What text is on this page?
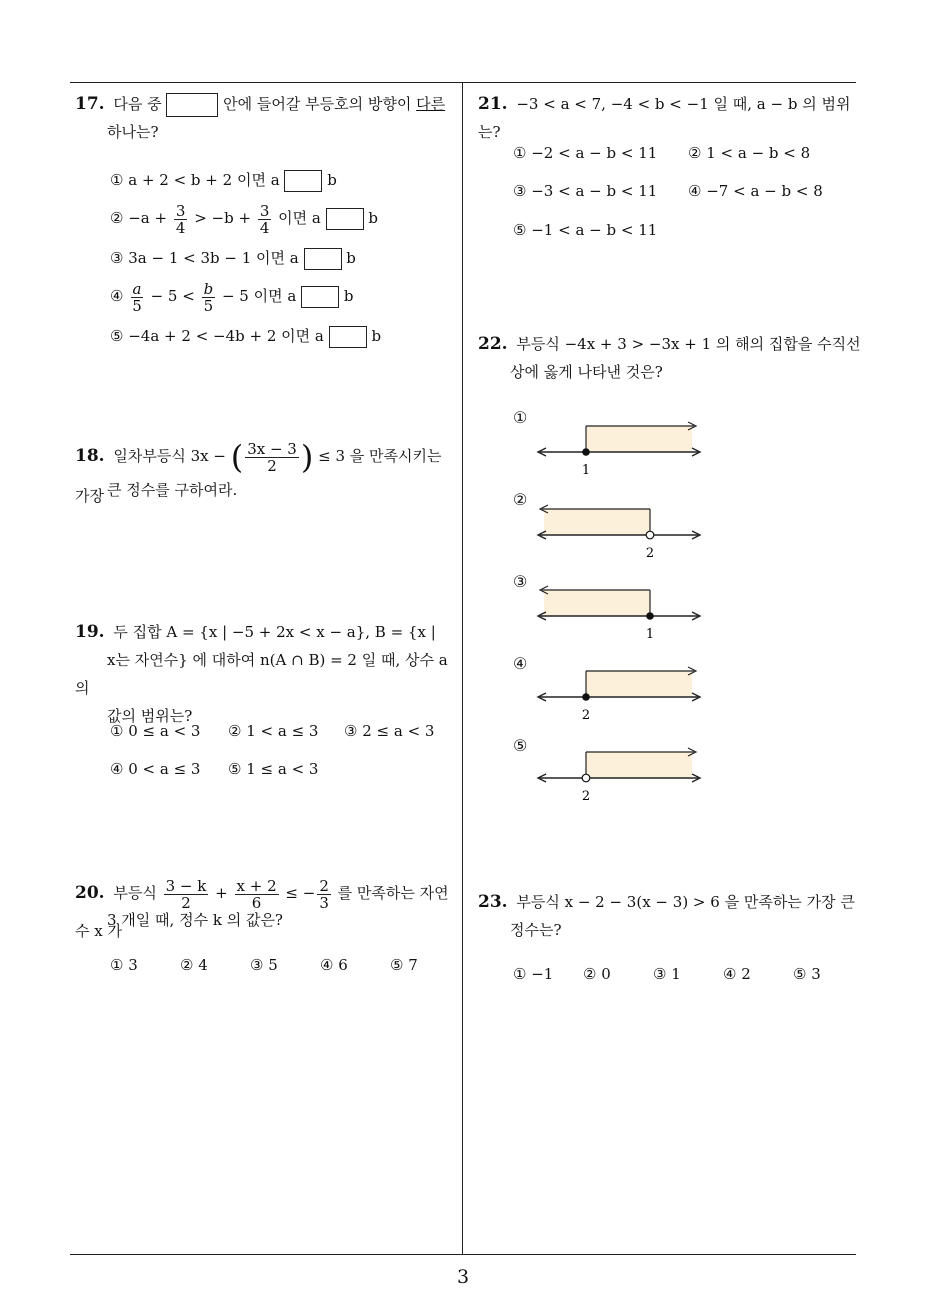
17. 다음 중	안에 들어갈 부등호의 방향이 다른
하나는?
① a + 2 < b + 2 이면 a	b
② $-a + \frac{3}{4} > -b + \frac{3}{4}$ 이면 a	b
③ 3a − 1 < 3b − 1 이면 a	b
④ $\frac{a}{5} - 5 < \frac{b}{5} - 5$ 이면 a	b
⑤ −4a + 2 < −4b + 2 이면 a	b
18. 일차부등식 3x − ( $\frac{3x - 3}{2}$ ) ≤ 3 을 만족시키는 가장 큰 정수를 구하여라.
19. 두 집합 A = {x | −5 + 2x < x − a}, B = {x |
x는 자연수} 에 대하여 n(A ∩ B) = 2 일 때, 상수 a 의
값의 범위는?
① 0 ≤ a < 3 ② 1 < a ≤ 3 ③ 2 ≤ a < 3
④ 0 < a ≤ 3 ⑤ 1 ≤ a < 3
20. 부등식 $\frac{3 - k}{2} + \frac{x + 2}{6}$ ≤ − $\frac{2}{3}$ 를 만족하는 자연수 x 가
3 개일 때, 정수 k 의 값은?
① 3	② 4	③ 5	④ 6	⑤ 7
21. −3 < a < 7, −4 < b < −1 일 때, a − b 의 범위는?
① −2 < a − b < 11 ② 1 < a − b < 8
③ −3 < a − b < 11 ④ −7 < a − b < 8
⑤ −1 < a − b < 11
22. 부등식 −4x + 3 > −3x + 1 의 해의 집합을 수직선
상에 옳게 나타낸 것은?
①
1
②
2
③
1
④
2
⑤
2
23. 부등식 x − 2 − 3(x − 3) > 6 을 만족하는 가장 큰
정수는?
① −1 ② 0	③ 1	④ 2	⑤ 3
3
